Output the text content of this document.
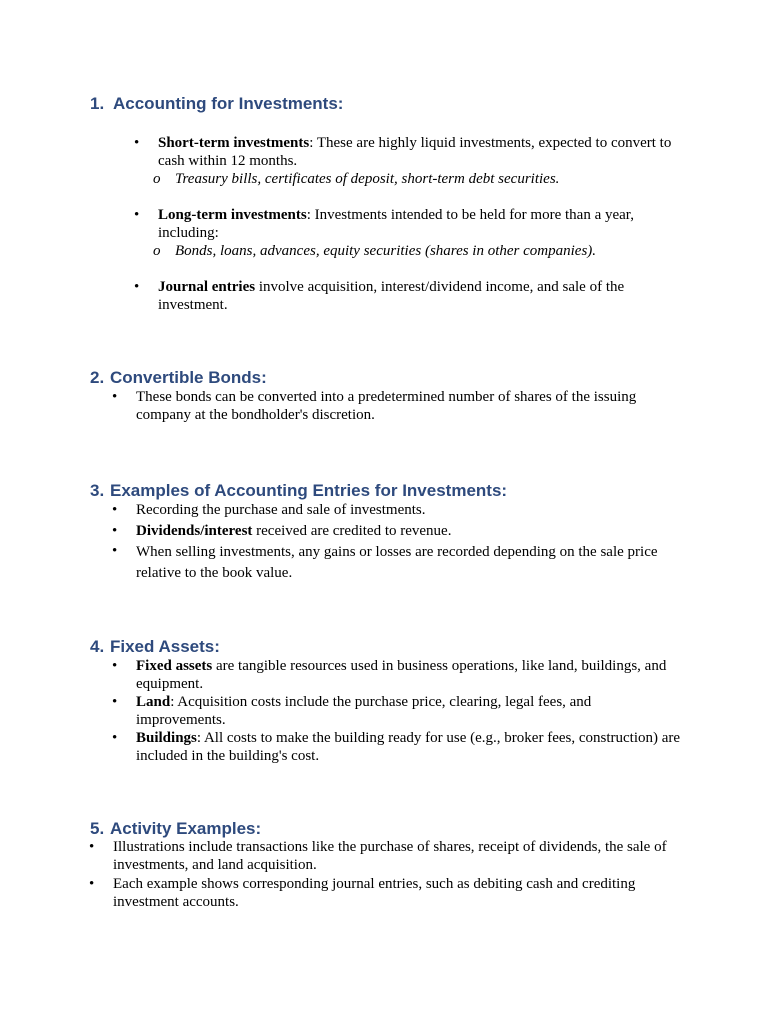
1. Accounting for Investments:
•
Short-term investments: These are highly liquid investments, expected to convert to cash within 12 months.
o Treasury bills, certificates of deposit, short-term debt securities.
•
Long-term investments: Investments intended to be held for more than a year, including:
o Bonds, loans, advances, equity securities (shares in other companies).
•
Journal entries involve acquisition, interest/dividend income, and sale of the investment.
2. Convertible Bonds:
•
These bonds can be converted into a predetermined number of shares of the issuing company at the bondholder's discretion.
3. Examples of Accounting Entries for Investments:
•
Recording the purchase and sale of investments.
•
Dividends/interest received are credited to revenue.
•
When selling investments, any gains or losses are recorded depending on the sale price relative to the book value.
4. Fixed Assets:
•
Fixed assets are tangible resources used in business operations, like land, buildings, and equipment.
•
Land: Acquisition costs include the purchase price, clearing, legal fees, and improvements.
•
Buildings: All costs to make the building ready for use (e.g., broker fees, construction) are included in the building's cost.
5. Activity Examples:
•
Illustrations include transactions like the purchase of shares, receipt of dividends, the sale of investments, and land acquisition.
•
Each example shows corresponding journal entries, such as debiting cash and crediting investment accounts.
